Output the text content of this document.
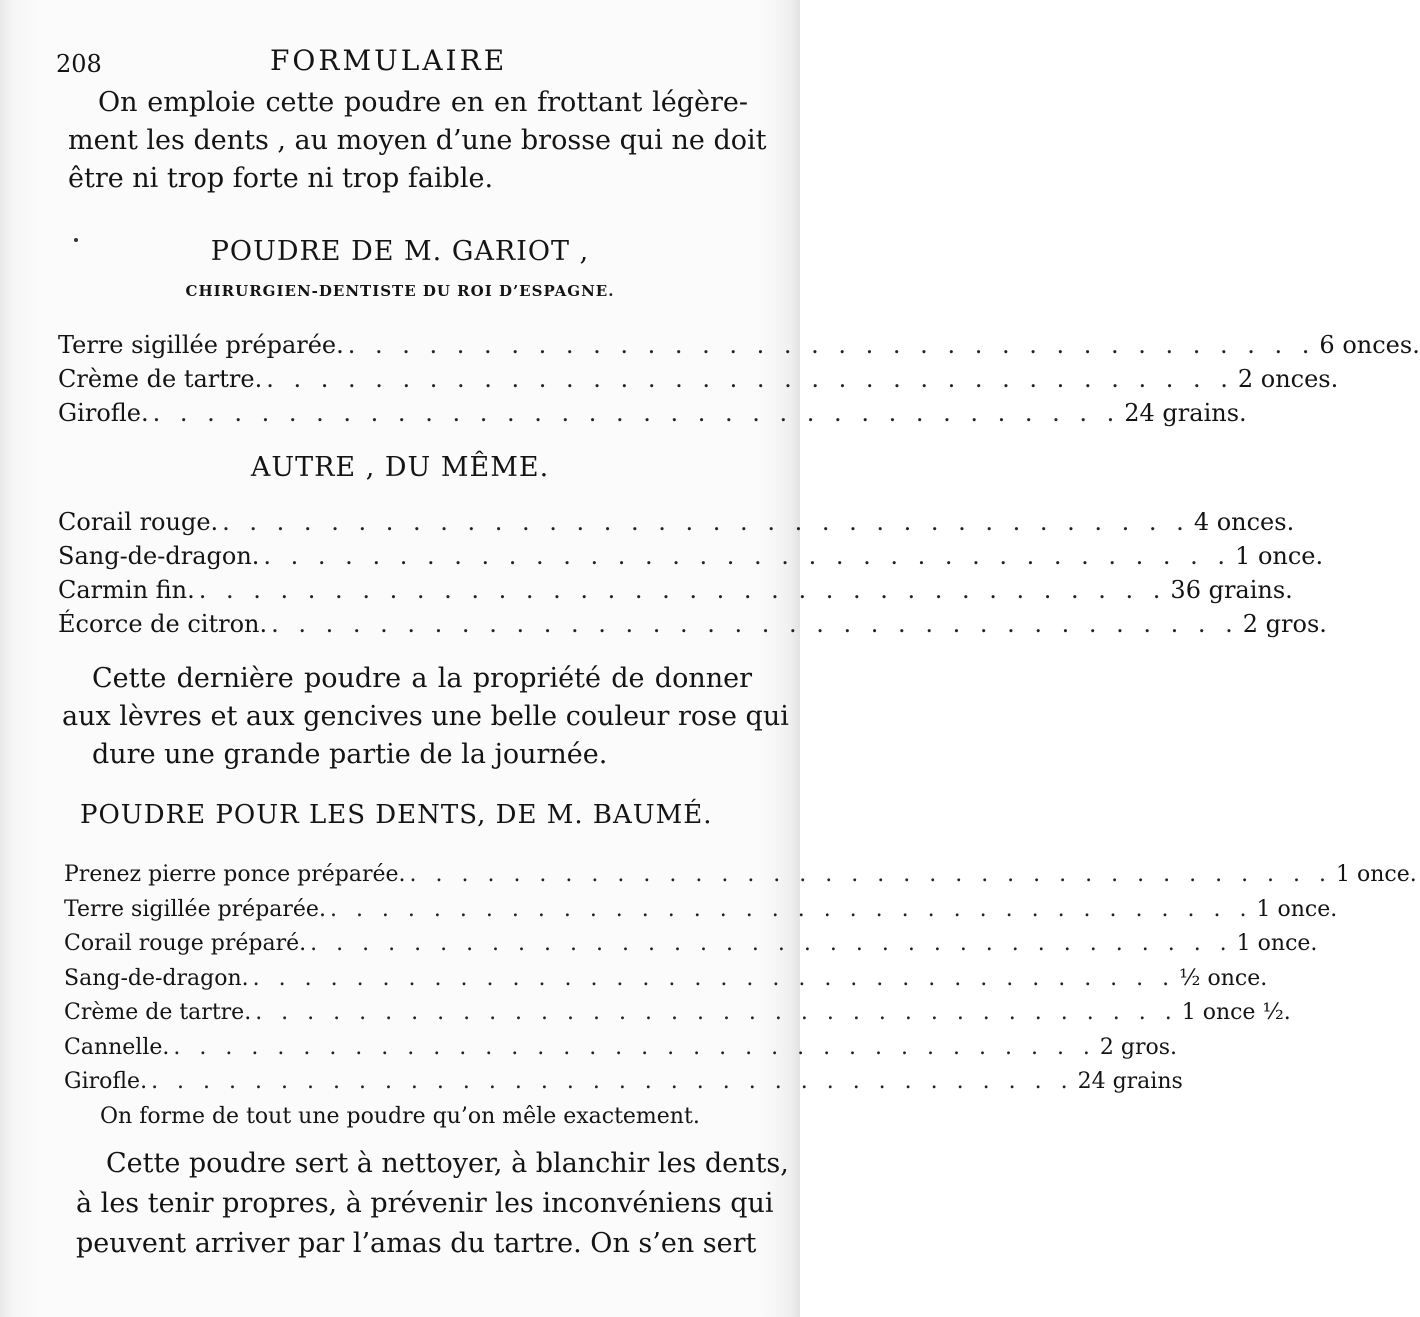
208	FORMULAIRE
On emploie cette poudre en en frottant légère-
ment les dents , au moyen d’une brosse qui ne doit
être ni trop forte ni trop faible.
POUDRE DE M. GARIOT ,
CHIRURGIEN-DENTISTE DU ROI D’ESPAGNE.
Terre sigillée préparée. . . . . . . . . . . . . . . . . . . . . . . . . . . . . . . . . . . . . 6 onces.
Crème de tartre. . . . . . . . . . . . . . . . . . . . . . . . . . . . . . . . . . . . . 2 onces.
Girofle. . . . . . . . . . . . . . . . . . . . . . . . . . . . . . . . . . . . . 24 grains.
AUTRE , DU MÊME.
Corail rouge. . . . . . . . . . . . . . . . . . . . . . . . . . . . . . . . . . . . . 4 onces.
Sang-de-dragon. . . . . . . . . . . . . . . . . . . . . . . . . . . . . . . . . . . . . 1 once.
Carmin fin. . . . . . . . . . . . . . . . . . . . . . . . . . . . . . . . . . . . . 36 grains.
Écorce de citron. . . . . . . . . . . . . . . . . . . . . . . . . . . . . . . . . . . . . 2 gros.
Cette dernière poudre a la propriété de donner
aux lèvres et aux gencives une belle couleur rose qui
dure une grande partie de la journée.
POUDRE POUR LES DENTS, DE M. BAUMÉ.
Prenez pierre ponce préparée. . . . . . . . . . . . . . . . . . . . . . . . . . . . . . . . . . . . . 1 once.
Terre sigillée préparée. . . . . . . . . . . . . . . . . . . . . . . . . . . . . . . . . . . . . 1 once.
Corail rouge préparé. . . . . . . . . . . . . . . . . . . . . . . . . . . . . . . . . . . . . 1 once.
Sang-de-dragon. . . . . . . . . . . . . . . . . . . . . . . . . . . . . . . . . . . . . ½ once.
Crème de tartre. . . . . . . . . . . . . . . . . . . . . . . . . . . . . . . . . . . . . 1 once ½.
Cannelle. . . . . . . . . . . . . . . . . . . . . . . . . . . . . . . . . . . . . 2 gros.
Girofle. . . . . . . . . . . . . . . . . . . . . . . . . . . . . . . . . . . . . 24 grains
On forme de tout une poudre qu’on mêle exactement.
Cette poudre sert à nettoyer, à blanchir les dents,
à les tenir propres, à prévenir les inconvéniens qui
peuvent arriver par l’amas du tartre. On s’en sert
